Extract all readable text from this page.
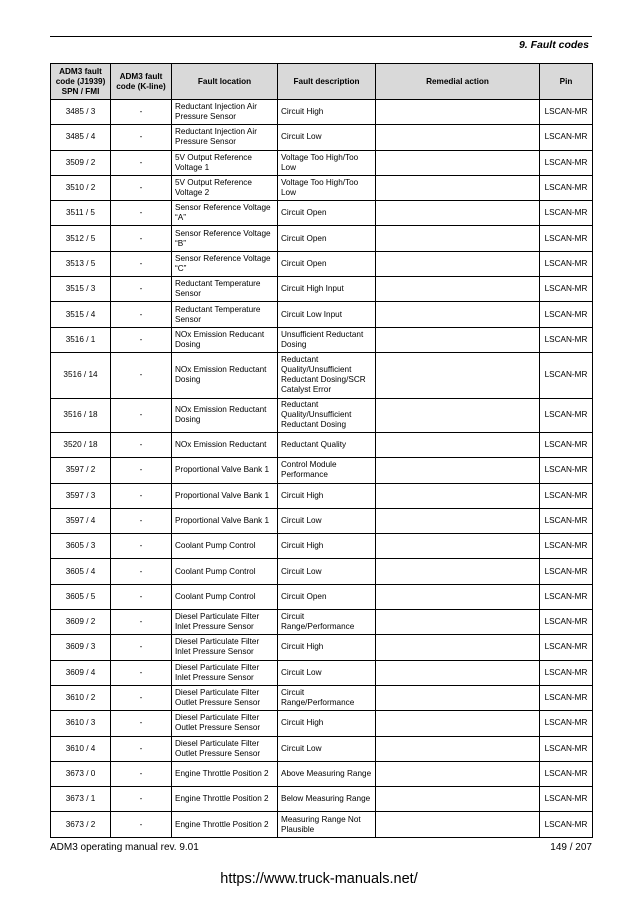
9. Fault codes
ADM3 fault code (J1939) SPN / FMI	ADM3 fault code (K-line)	Fault location	Fault description	Remedial action	Pin
3485 / 3	-	Reductant Injection Air Pressure Sensor	Circuit High		LSCAN-MR
3485 / 4	-	Reductant Injection Air Pressure Sensor	Circuit Low		LSCAN-MR
3509 / 2	-	5V Output Reference Voltage 1	Voltage Too High/Too Low		LSCAN-MR
3510 / 2	-	5V Output Reference Voltage 2	Voltage Too High/Too Low		LSCAN-MR
3511 / 5	-	Sensor Reference Voltage “A”	Circuit Open		LSCAN-MR
3512 / 5	-	Sensor Reference Voltage “B”	Circuit Open		LSCAN-MR
3513 / 5	-	Sensor Reference Voltage “C”	Circuit Open		LSCAN-MR
3515 / 3	-	Reductant Temperature Sensor	Circuit High Input		LSCAN-MR
3515 / 4	-	Reductant Temperature Sensor	Circuit Low Input		LSCAN-MR
3516 / 1	-	NOx Emission Reducant Dosing	Unsufficient Reductant Dosing		LSCAN-MR
3516 / 14	-	NOx Emission Reductant Dosing	Reductant Quality/Unsufficient Reductant Dosing/SCR Catalyst Error		LSCAN-MR
3516 / 18	-	NOx Emission Reductant Dosing	Reductant Quality/Unsufficient Reductant Dosing		LSCAN-MR
3520 / 18	-	NOx Emission Reductant	Reductant Quality		LSCAN-MR
3597 / 2	-	Proportional Valve Bank 1	Control Module Performance		LSCAN-MR
3597 / 3	-	Proportional Valve Bank 1	Circuit High		LSCAN-MR
3597 / 4	-	Proportional Valve Bank 1	Circuit Low		LSCAN-MR
3605 / 3	-	Coolant Pump Control	Circuit High		LSCAN-MR
3605 / 4	-	Coolant Pump Control	Circuit Low		LSCAN-MR
3605 / 5	-	Coolant Pump Control	Circuit Open		LSCAN-MR
3609 / 2	-	Diesel Particulate Filter Inlet Pressure Sensor	Circuit Range/Performance		LSCAN-MR
3609 / 3	-	Diesel Particulate Filter Inlet Pressure Sensor	Circuit High		LSCAN-MR
3609 / 4	-	Diesel Particulate Filter Inlet Pressure Sensor	Circuit Low		LSCAN-MR
3610 / 2	-	Diesel Particulate Filter Outlet Pressure Sensor	Circuit Range/Performance		LSCAN-MR
3610 / 3	-	Diesel Particulate Filter Outlet Pressure Sensor	Circuit High		LSCAN-MR
3610 / 4	-	Diesel Particulate Filter Outlet Pressure Sensor	Circuit Low		LSCAN-MR
3673 / 0	-	Engine Throttle Position 2	Above Measuring Range		LSCAN-MR
3673 / 1	-	Engine Throttle Position 2	Below Measuring Range		LSCAN-MR
3673 / 2	-	Engine Throttle Position 2	Measuring Range Not Plausible		LSCAN-MR
ADM3 operating manual rev. 9.01	149 / 207
https://www.truck-manuals.net/
